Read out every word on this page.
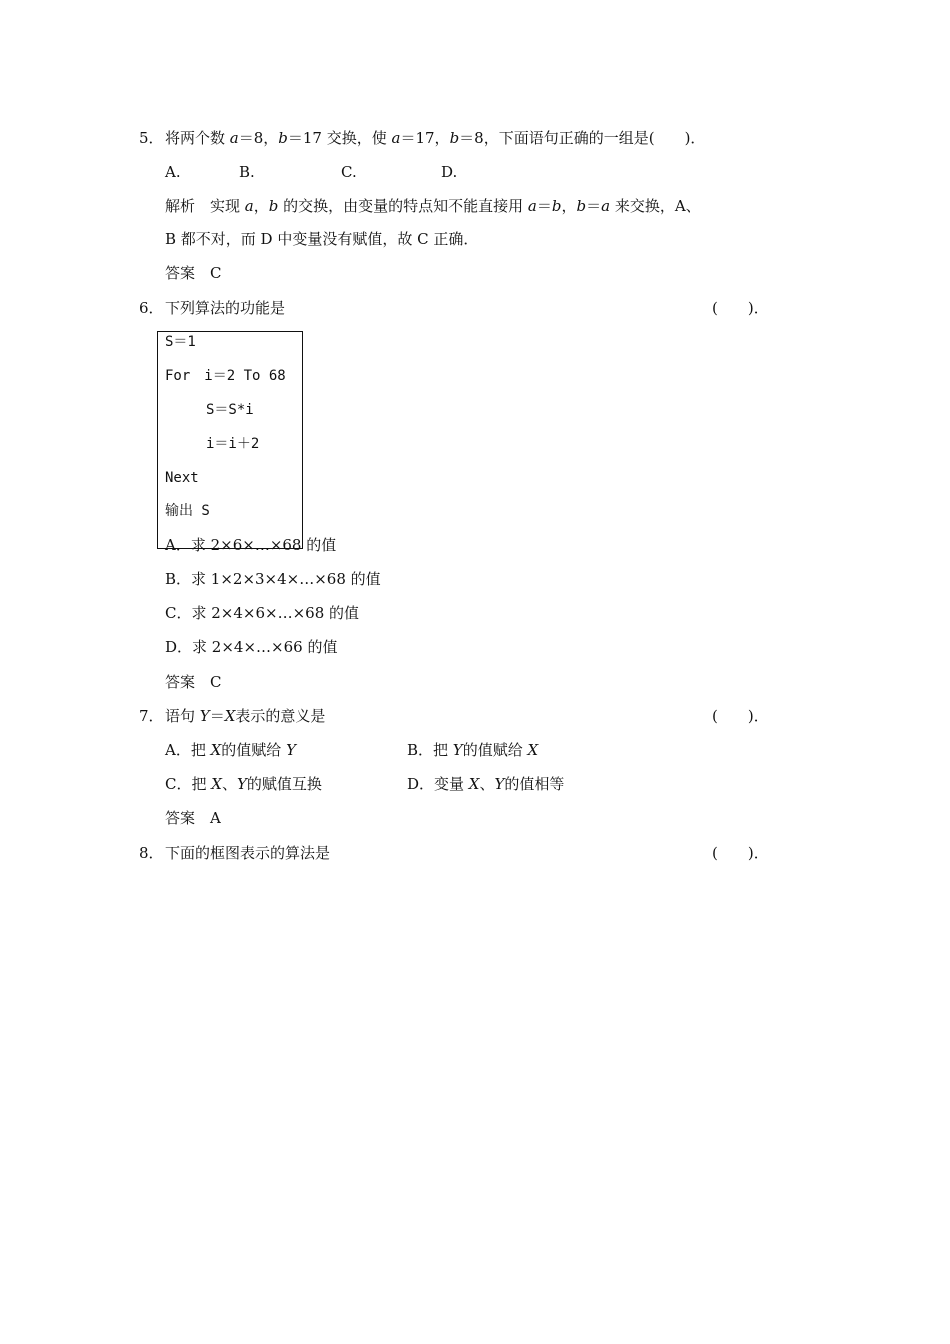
5． 将两个数 a＝8，b＝17 交换，使 a＝17，b＝8，下面语句正确的一组是(　　)．
A.	B.	C.	D.
解析　实现 a，b 的交换，由变量的特点知不能直接用 a＝b，b＝a 来交换，A、
B 都不对，而 D 中变量没有赋值，故 C 正确．
答案　C
6． 下列算法的功能是	(　　)．
S＝1
For　i＝2 To 68
S＝S*i
i＝i＋2
Next
输出 S
A．求 2×6×…×68 的值
B．求 1×2×3×4×…×68 的值
C．求 2×4×6×…×68 的值
D．求 2×4×…×66 的值
答案　C
7． 语句 Y＝X表示的意义是	(　　)．
A．把 X的值赋给 Y	B．把 Y的值赋给 X
C．把 X、Y的赋值互换	D．变量 X、Y的值相等
答案　A
8． 下面的框图表示的算法是	(　　)．
